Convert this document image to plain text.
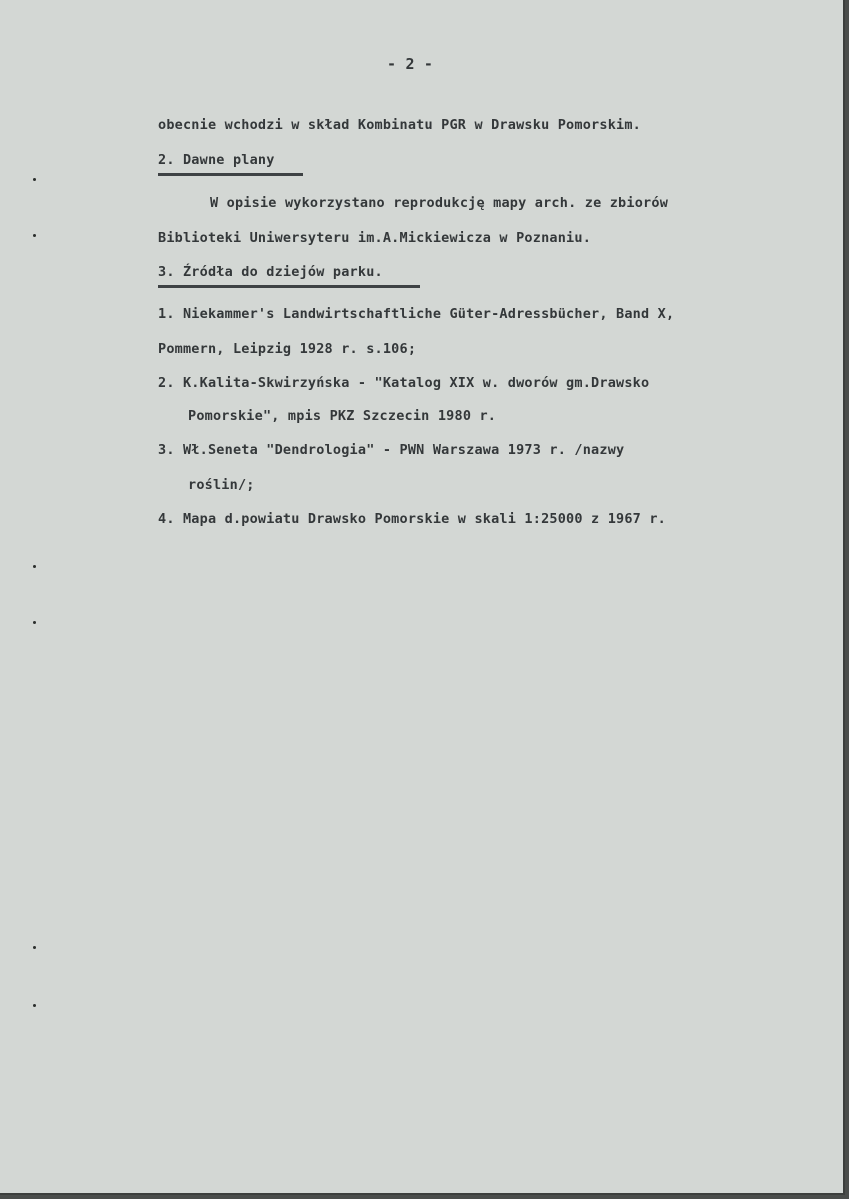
- 2 -
obecnie wchodzi w skład Kombinatu PGR w Drawsku Pomorskim.
2. Dawne plany
W opisie wykorzystano reprodukcję mapy arch. ze zbiorów
Biblioteki Uniwersyteru im.A.Mickiewicza w Poznaniu.
3. Źródła do dziejów parku.
1. Niekammer's Landwirtschaftliche Güter-Adressbücher, Band X,
Pommern, Leipzig 1928 r. s.106;
2. K.Kalita-Skwirzyńska - "Katalog XIX w. dworów gm.Drawsko
Pomorskie", mpis PKZ Szczecin 1980 r.
3. Wł.Seneta "Dendrologia" - PWN Warszawa 1973 r. /nazwy
roślin/;
4. Mapa d.powiatu Drawsko Pomorskie w skali 1:25000 z 1967 r.
